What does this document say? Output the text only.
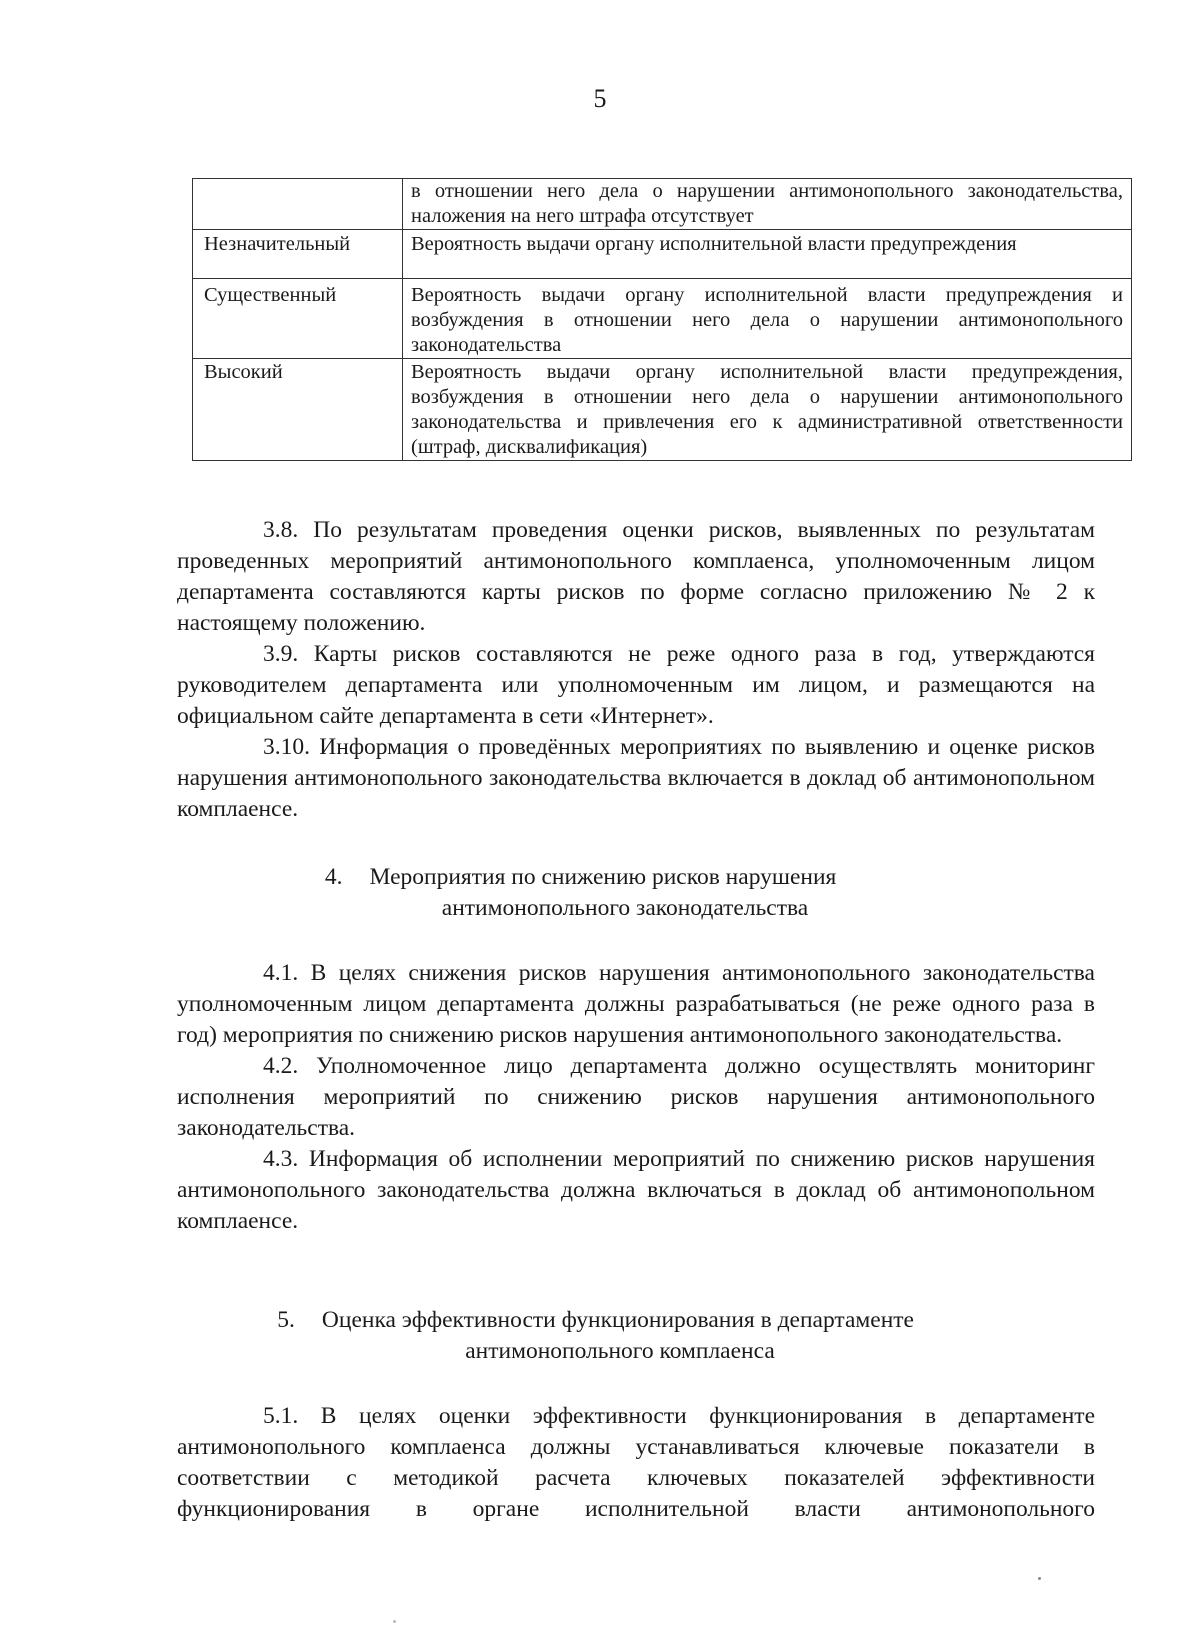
5
	в отношении него дела о нарушении антимонопольного законодательства, наложения на него штрафа отсутствует
Незначительный	Вероятность выдачи органу исполнительной власти предупреждения
Существенный	Вероятность выдачи органу исполнительной власти предупреждения и возбуждения в отношении него дела о нарушении антимонопольного законодательства
Высокий	Вероятность выдачи органу исполнительной власти предупреждения, возбуждения в отношении него дела о нарушении антимонопольного законодательства и привлечения его к административной ответственности (штраф, дисквалификация)

3.8. По результатам проведения оценки рисков, выявленных по результатам проведенных мероприятий антимонопольного комплаенса, уполномоченным лицом департамента составляются карты рисков по форме согласно приложению № 2 к настоящему положению.

3.9. Карты рисков составляются не реже одного раза в год, утверждаются руководителем департамента или уполномоченным им лицом, и размещаются на официальном сайте департамента в сети «Интернет».

3.10. Информация о проведённых мероприятиях по выявлению и оценке рисков нарушения антимонопольного законодательства включается в доклад об антимонопольном комплаенсе.

4. Мероприятия по снижению рисков нарушения
антимонопольного законодательства

4.1. В целях снижения рисков нарушения антимонопольного законодательства уполномоченным лицом департамента должны разрабатываться (не реже одного раза в год) мероприятия по снижению рисков нарушения антимонопольного законодательства.

4.2. Уполномоченное лицо департамента должно осуществлять мониторинг исполнения мероприятий по снижению рисков нарушения антимонопольного законодательства.

4.3. Информация об исполнении мероприятий по снижению рисков нарушения антимонопольного законодательства должна включаться в доклад об антимонопольном комплаенсе.

5. Оценка эффективности функционирования в департаменте
антимонопольного комплаенса

5.1. В целях оценки эффективности функционирования в департаменте антимонопольного комплаенса должны устанавливаться ключевые показатели в соответствии с методикой расчета ключевых показателей эффективности функционирования в органе исполнительной власти антимонопольного
